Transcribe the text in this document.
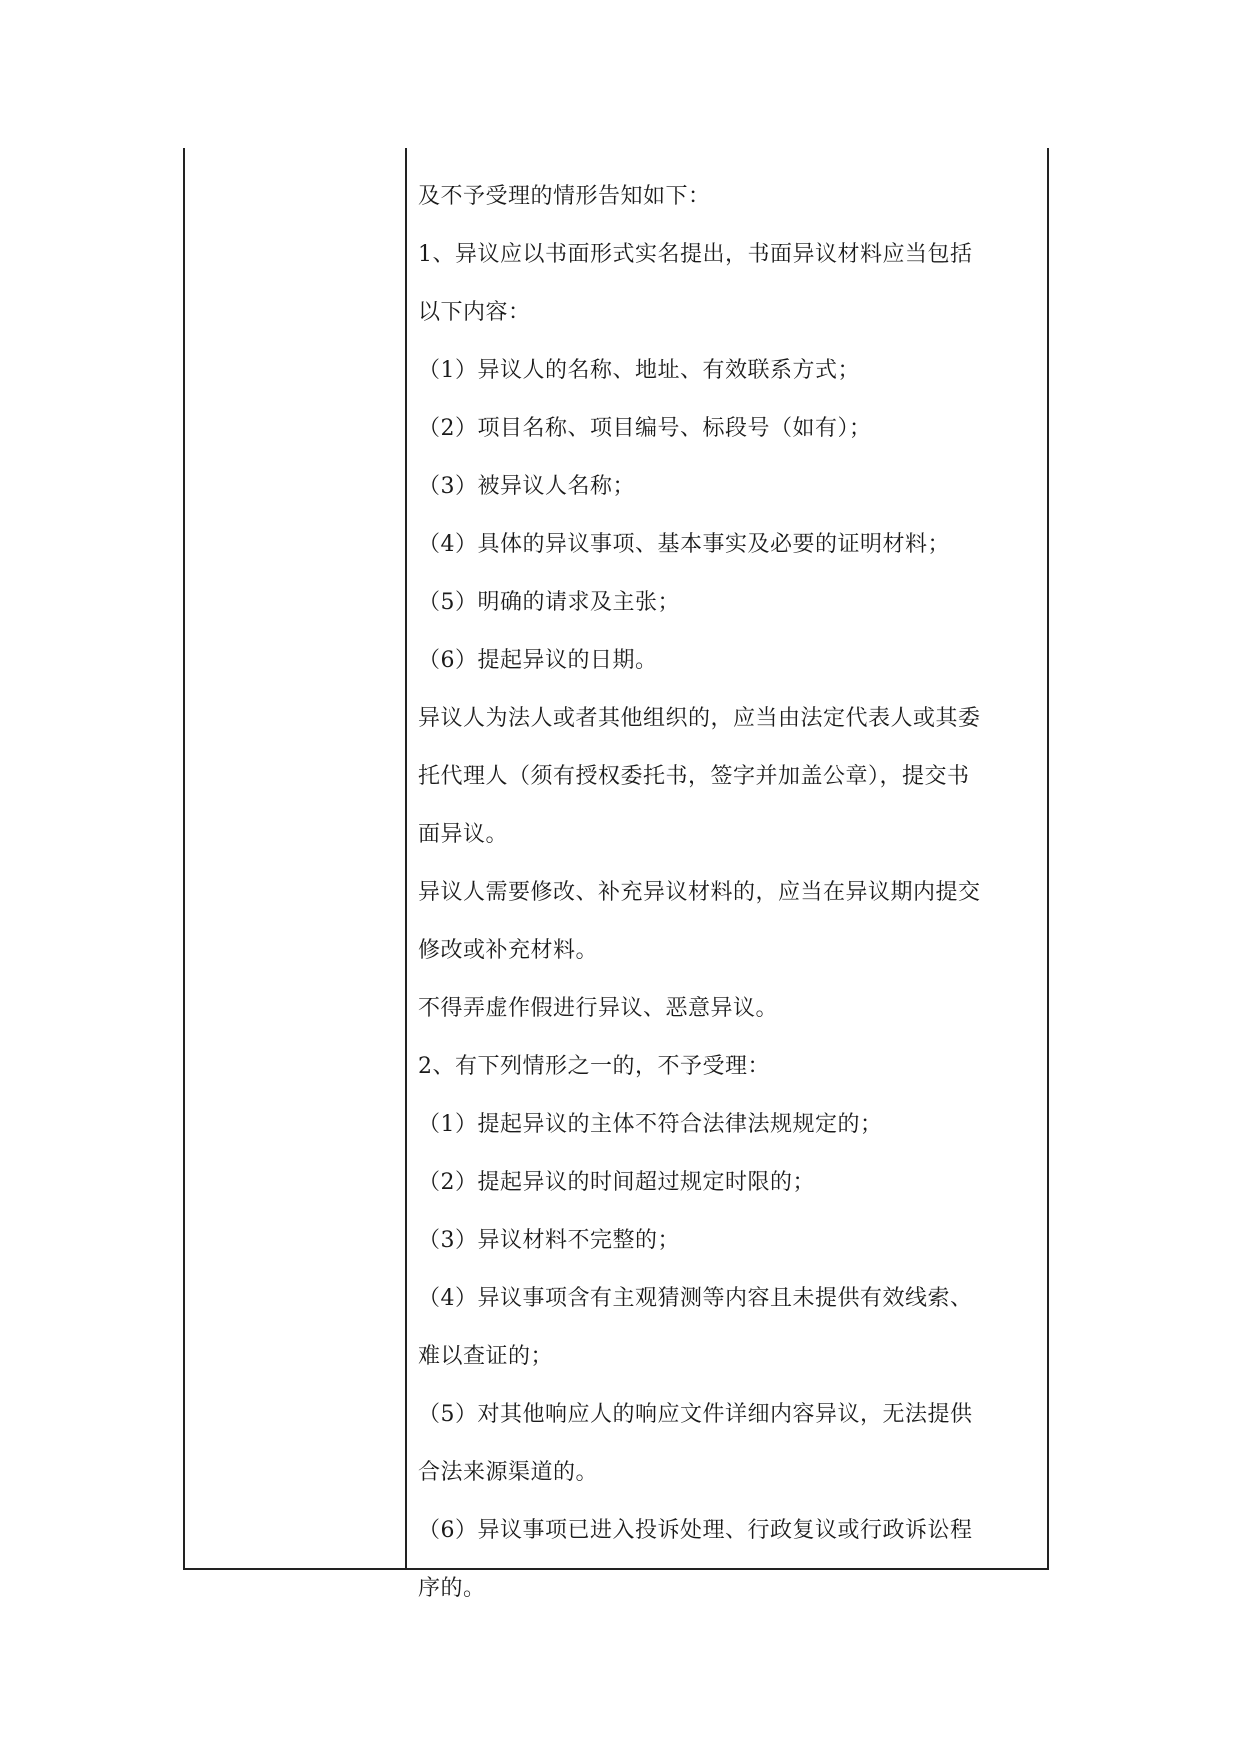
及不予受理的情形告知如下：
1、异议应以书面形式实名提出，书面异议材料应当包括
以下内容：
（1）异议人的名称、地址、有效联系方式；
（2）项目名称、项目编号、标段号（如有）；
（3）被异议人名称；
（4）具体的异议事项、基本事实及必要的证明材料；
（5）明确的请求及主张；
（6）提起异议的日期。
异议人为法人或者其他组织的，应当由法定代表人或其委
托代理人（须有授权委托书，签字并加盖公章），提交书
面异议。
异议人需要修改、补充异议材料的，应当在异议期内提交
修改或补充材料。
不得弄虚作假进行异议、恶意异议。
2、有下列情形之一的，不予受理：
（1）提起异议的主体不符合法律法规规定的；
（2）提起异议的时间超过规定时限的；
（3）异议材料不完整的；
（4）异议事项含有主观猜测等内容且未提供有效线索、
难以查证的；
（5）对其他响应人的响应文件详细内容异议，无法提供
合法来源渠道的。
（6）异议事项已进入投诉处理、行政复议或行政诉讼程
序的。
